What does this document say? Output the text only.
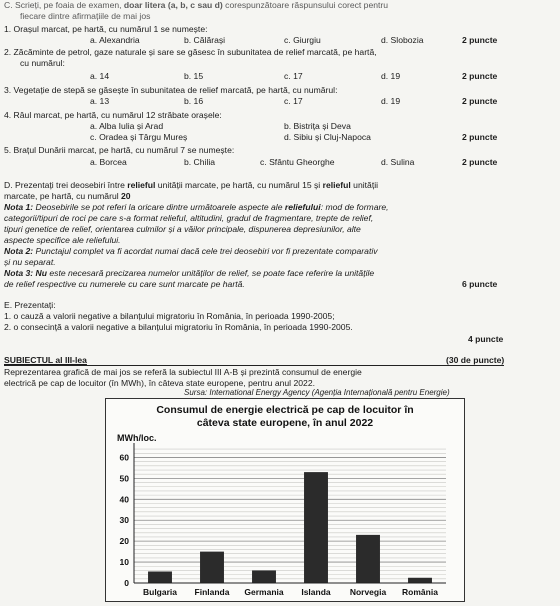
C. Scrieți, pe foaia de examen, doar litera (a, b, c sau d) corespunzătoare răspunsului corect pentru
fiecare dintre afirmațiile de mai jos
1. Orașul marcat, pe hartă, cu numărul 1 se numește:
a. Alexandria	b. Călărași	c. Giurgiu	d. Slobozia	2 puncte
2. Zăcăminte de petrol, gaze naturale și sare se găsesc în subunitatea de relief marcată, pe hartă,
cu numărul:
a. 14	b. 15	c. 17	d. 19	2 puncte
3. Vegetație de stepă se găsește în subunitatea de relief marcată, pe hartă, cu numărul:
a. 13	b. 16	c. 17	d. 19	2 puncte
4. Râul marcat, pe hartă, cu numărul 12 străbate orașele:
a. Alba Iulia și Arad	b. Bistrița și Deva
c. Oradea și Târgu Mureș	d. Sibiu și Cluj-Napoca	2 puncte
5. Brațul Dunării marcat, pe hartă, cu numărul 7 se numește:
a. Borcea	b. Chilia	c. Sfântu Gheorghe	d. Sulina	2 puncte
D. Prezentați trei deosebiri între relieful unității marcate, pe hartă, cu numărul 15 și relieful unității
marcate, pe hartă, cu numărul 20
Nota 1: Deosebirile se pot referi la oricare dintre următoarele aspecte ale reliefului: mod de formare,
categorii/tipuri de roci pe care s-a format relieful, altitudini, gradul de fragmentare, trepte de relief,
tipuri genetice de relief, orientarea culmilor și a văilor principale, dispunerea depresiunilor, alte
aspecte specifice ale reliefului.
Nota 2: Punctajul complet va fi acordat numai dacă cele trei deosebiri vor fi prezentate comparativ
și nu separat.
Nota 3: Nu este necesară precizarea numelor unităților de relief, se poate face referire la unitățile
de relief respective cu numerele cu care sunt marcate pe hartă.	6 puncte
E. Prezentați:
1. o cauză a valorii negative a bilanțului migratoriu în România, în perioada 1990-2005;
2. o consecință a valorii negative a bilanțului migratoriu în România, în perioada 1990-2005.
4 puncte
SUBIECTUL al III-lea	(30 de puncte)
Reprezentarea grafică de mai jos se referă la subiectul III A-B și prezintă consumul de energie
electrică pe cap de locuitor (în MWh), în câteva state europene, pentru anul 2022.
Sursa: International Energy Agency (Agenția Internațională pentru Energie)
Consumul de energie electrică pe cap de locuitor în
câteva state europene, în anul 2022
MWh/loc.
0
10
20
30
40
50
60
Bulgaria Finlanda Germania Islanda Norvegia România
